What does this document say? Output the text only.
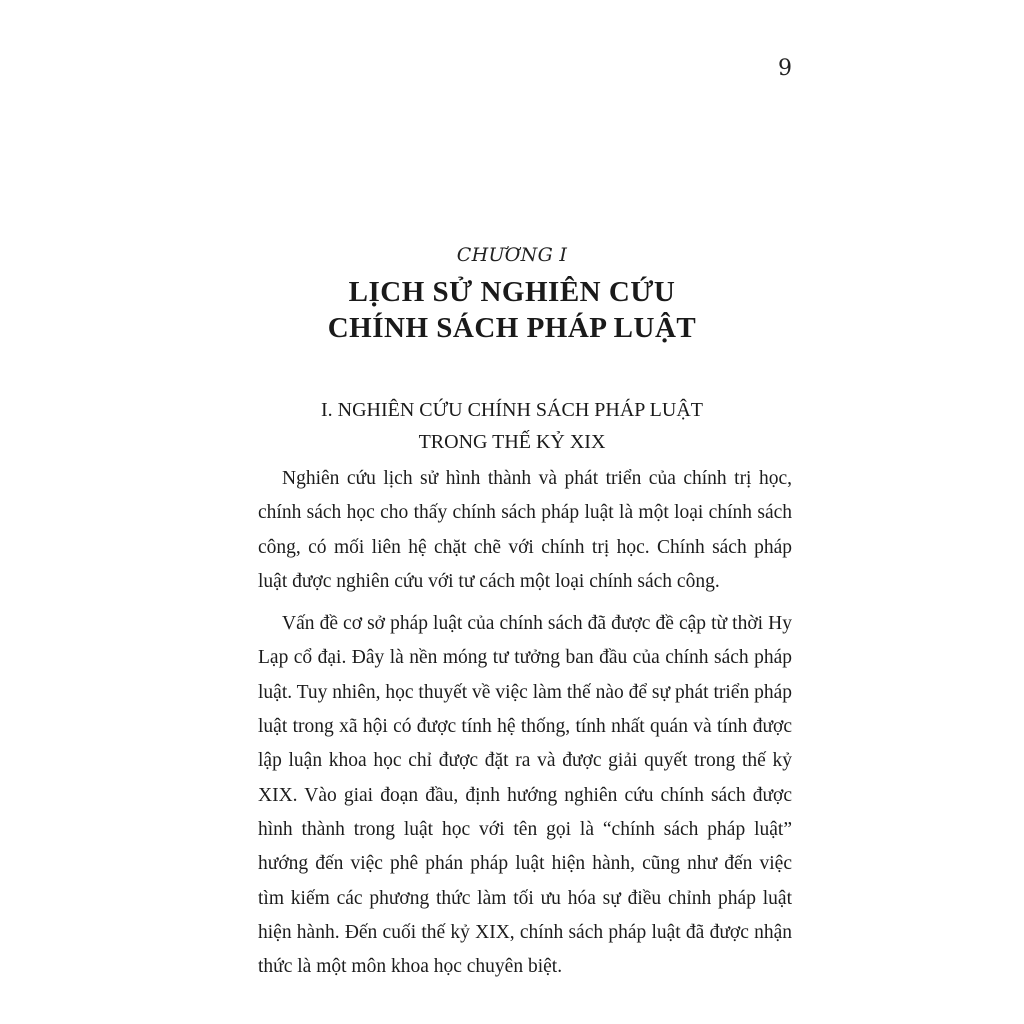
9
CHƯƠNG I
LỊCH SỬ NGHIÊN CỨU
CHÍNH SÁCH PHÁP LUẬT
I. NGHIÊN CỨU CHÍNH SÁCH PHÁP LUẬT
TRONG THẾ KỶ XIX

Nghiên cứu lịch sử hình thành và phát triển của chính trị học, chính sách học cho thấy chính sách pháp luật là một loại chính sách công, có mối liên hệ chặt chẽ với chính trị học. Chính sách pháp luật được nghiên cứu với tư cách một loại chính sách công.

Vấn đề cơ sở pháp luật của chính sách đã được đề cập từ thời Hy Lạp cổ đại. Đây là nền móng tư tưởng ban đầu của chính sách pháp luật. Tuy nhiên, học thuyết về việc làm thế nào để sự phát triển pháp luật trong xã hội có được tính hệ thống, tính nhất quán và tính được lập luận khoa học chỉ được đặt ra và được giải quyết trong thế kỷ XIX. Vào giai đoạn đầu, định hướng nghiên cứu chính sách được hình thành trong luật học với tên gọi là “chính sách pháp luật” hướng đến việc phê phán pháp luật hiện hành, cũng như đến việc tìm kiếm các phương thức làm tối ưu hóa sự điều chỉnh pháp luật hiện hành. Đến cuối thế kỷ XIX, chính sách pháp luật đã được nhận thức là một môn khoa học chuyên biệt.
